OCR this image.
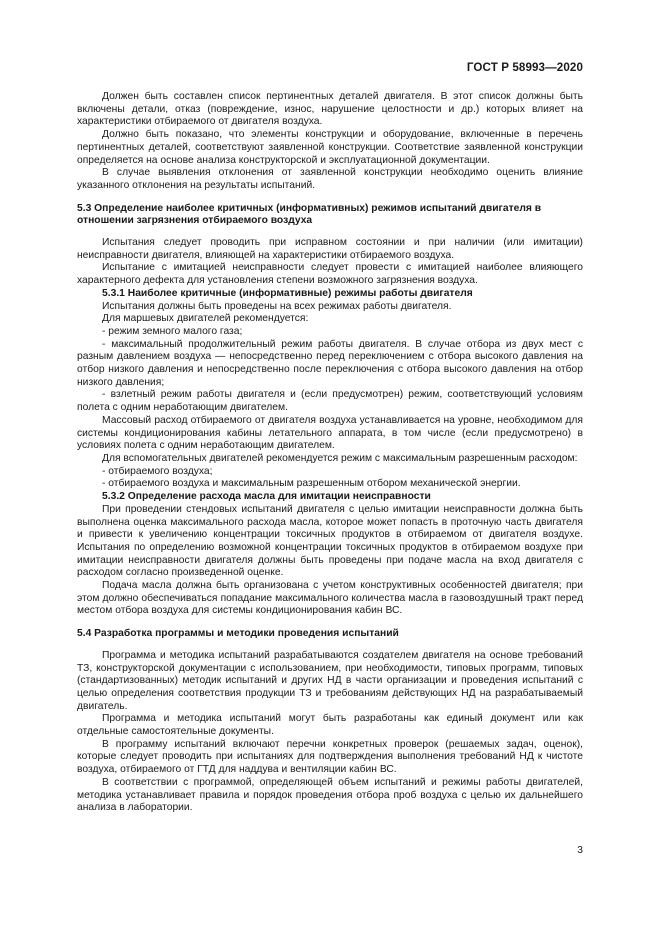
ГОСТ Р 58993—2020

Должен быть составлен список пертинентных деталей двигателя. В этот список должны быть включены детали, отказ (повреждение, износ, нарушение целостности и др.) которых влияет на характеристики отбираемого от двигателя воздуха.

Должно быть показано, что элементы конструкции и оборудование, включенные в перечень пертинентных деталей, соответствуют заявленной конструкции. Соответствие заявленной конструкции определяется на основе анализа конструкторской и эксплуатационной документации.

В случае выявления отклонения от заявленной конструкции необходимо оценить влияние указанного отклонения на результаты испытаний.

5.3 Определение наиболее критичных (информативных) режимов испытаний двигателя в отношении загрязнения отбираемого воздуха

Испытания следует проводить при исправном состоянии и при наличии (или имитации) неисправности двигателя, влияющей на характеристики отбираемого воздуха.

Испытание с имитацией неисправности следует провести с имитацией наиболее влияющего характерного дефекта для установления степени возможного загрязнения воздуха.

5.3.1 Наиболее критичные (информативные) режимы работы двигателя

Испытания должны быть проведены на всех режимах работы двигателя.

Для маршевых двигателей рекомендуется:

- режим земного малого газа;

- максимальный продолжительный режим работы двигателя. В случае отбора из двух мест с разным давлением воздуха — непосредственно перед переключением с отбора высокого давления на отбор низкого давления и непосредственно после переключения с отбора высокого давления на отбор низкого давления;

- взлетный режим работы двигателя и (если предусмотрен) режим, соответствующий условиям полета с одним неработающим двигателем.

Массовый расход отбираемого от двигателя воздуха устанавливается на уровне, необходимом для системы кондиционирования кабины летательного аппарата, в том числе (если предусмотрено) в условиях полета с одним неработающим двигателем.

Для вспомогательных двигателей рекомендуется режим с максимальным разрешенным расходом:

- отбираемого воздуха;

- отбираемого воздуха и максимальным разрешенным отбором механической энергии.

5.3.2 Определение расхода масла для имитации неисправности

При проведении стендовых испытаний двигателя с целью имитации неисправности должна быть выполнена оценка максимального расхода масла, которое может попасть в проточную часть двигателя и привести к увеличению концентрации токсичных продуктов в отбираемом от двигателя воздухе. Испытания по определению возможной концентрации токсичных продуктов в отбираемом воздухе при имитации неисправности двигателя должны быть проведены при подаче масла на вход двигателя с расходом согласно произведенной оценке.

Подача масла должна быть организована с учетом конструктивных особенностей двигателя; при этом должно обеспечиваться попадание максимального количества масла в газовоздушный тракт перед местом отбора воздуха для системы кондиционирования кабин ВС.

5.4 Разработка программы и методики проведения испытаний

Программа и методика испытаний разрабатываются создателем двигателя на основе требований ТЗ, конструкторской документации с использованием, при необходимости, типовых программ, типовых (стандартизованных) методик испытаний и других НД в части организации и проведения испытаний с целью определения соответствия продукции ТЗ и требованиям действующих НД на разрабатываемый двигатель.

Программа и методика испытаний могут быть разработаны как единый документ или как отдельные самостоятельные документы.

В программу испытаний включают перечни конкретных проверок (решаемых задач, оценок), которые следует проводить при испытаниях для подтверждения выполнения требований НД к чистоте воздуха, отбираемого от ГТД для наддува и вентиляции кабин ВС.

В соответствии с программой, определяющей объем испытаний и режимы работы двигателей, методика устанавливает правила и порядок проведения отбора проб воздуха с целью их дальнейшего анализа в лаборатории.

3
